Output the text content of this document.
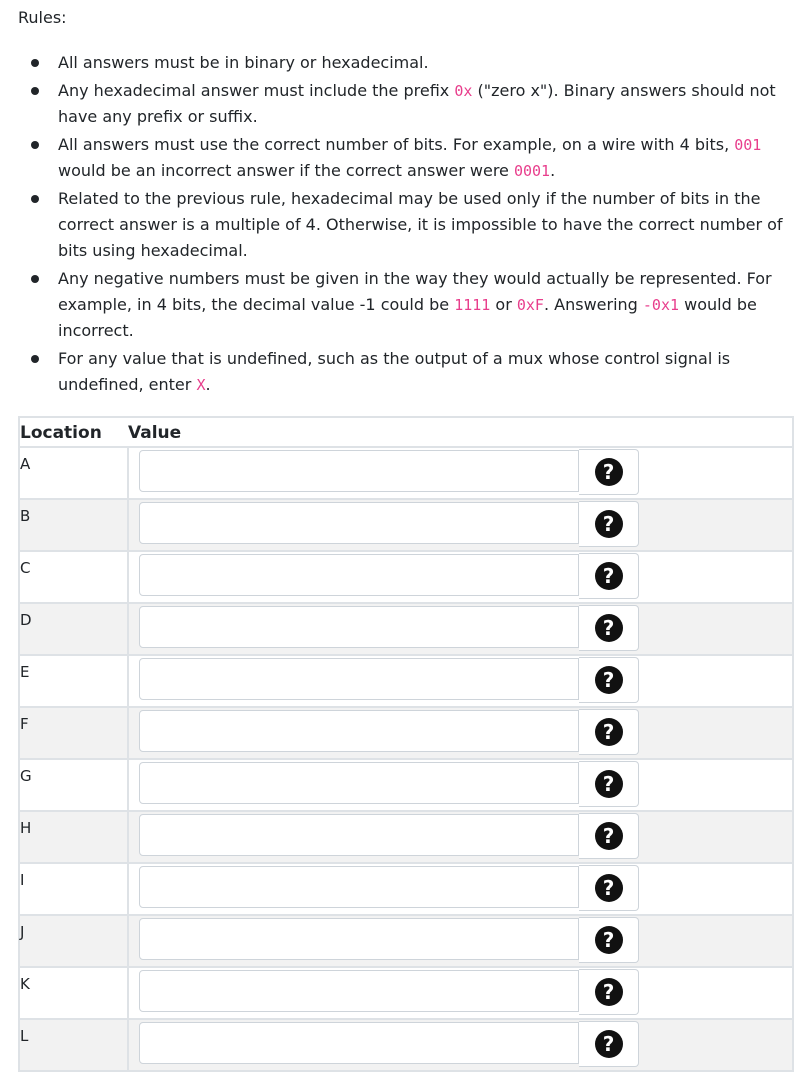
Rules:
All answers must be in binary or hexadecimal.
Any hexadecimal answer must include the prefix 0x ("zero x"). Binary answers should not have any prefix or suffix.
All answers must use the correct number of bits. For example, on a wire with 4 bits, 001 would be an incorrect answer if the correct answer were 0001.
Related to the previous rule, hexadecimal may be used only if the number of bits in the correct answer is a multiple of 4. Otherwise, it is impossible to have the correct number of bits using hexadecimal.
Any negative numbers must be given in the way they would actually be represented. For example, in 4 bits, the decimal value -1 could be 1111 or 0xF. Answering -0x1 would be incorrect.
For any value that is undefined, such as the output of a mux whose control signal is undefined, enter X.
Location	Value
A	?

B	?

C	?

D	?

E	?

F	?

G	?

H	?

I	?

J	?

K	?

L	?
